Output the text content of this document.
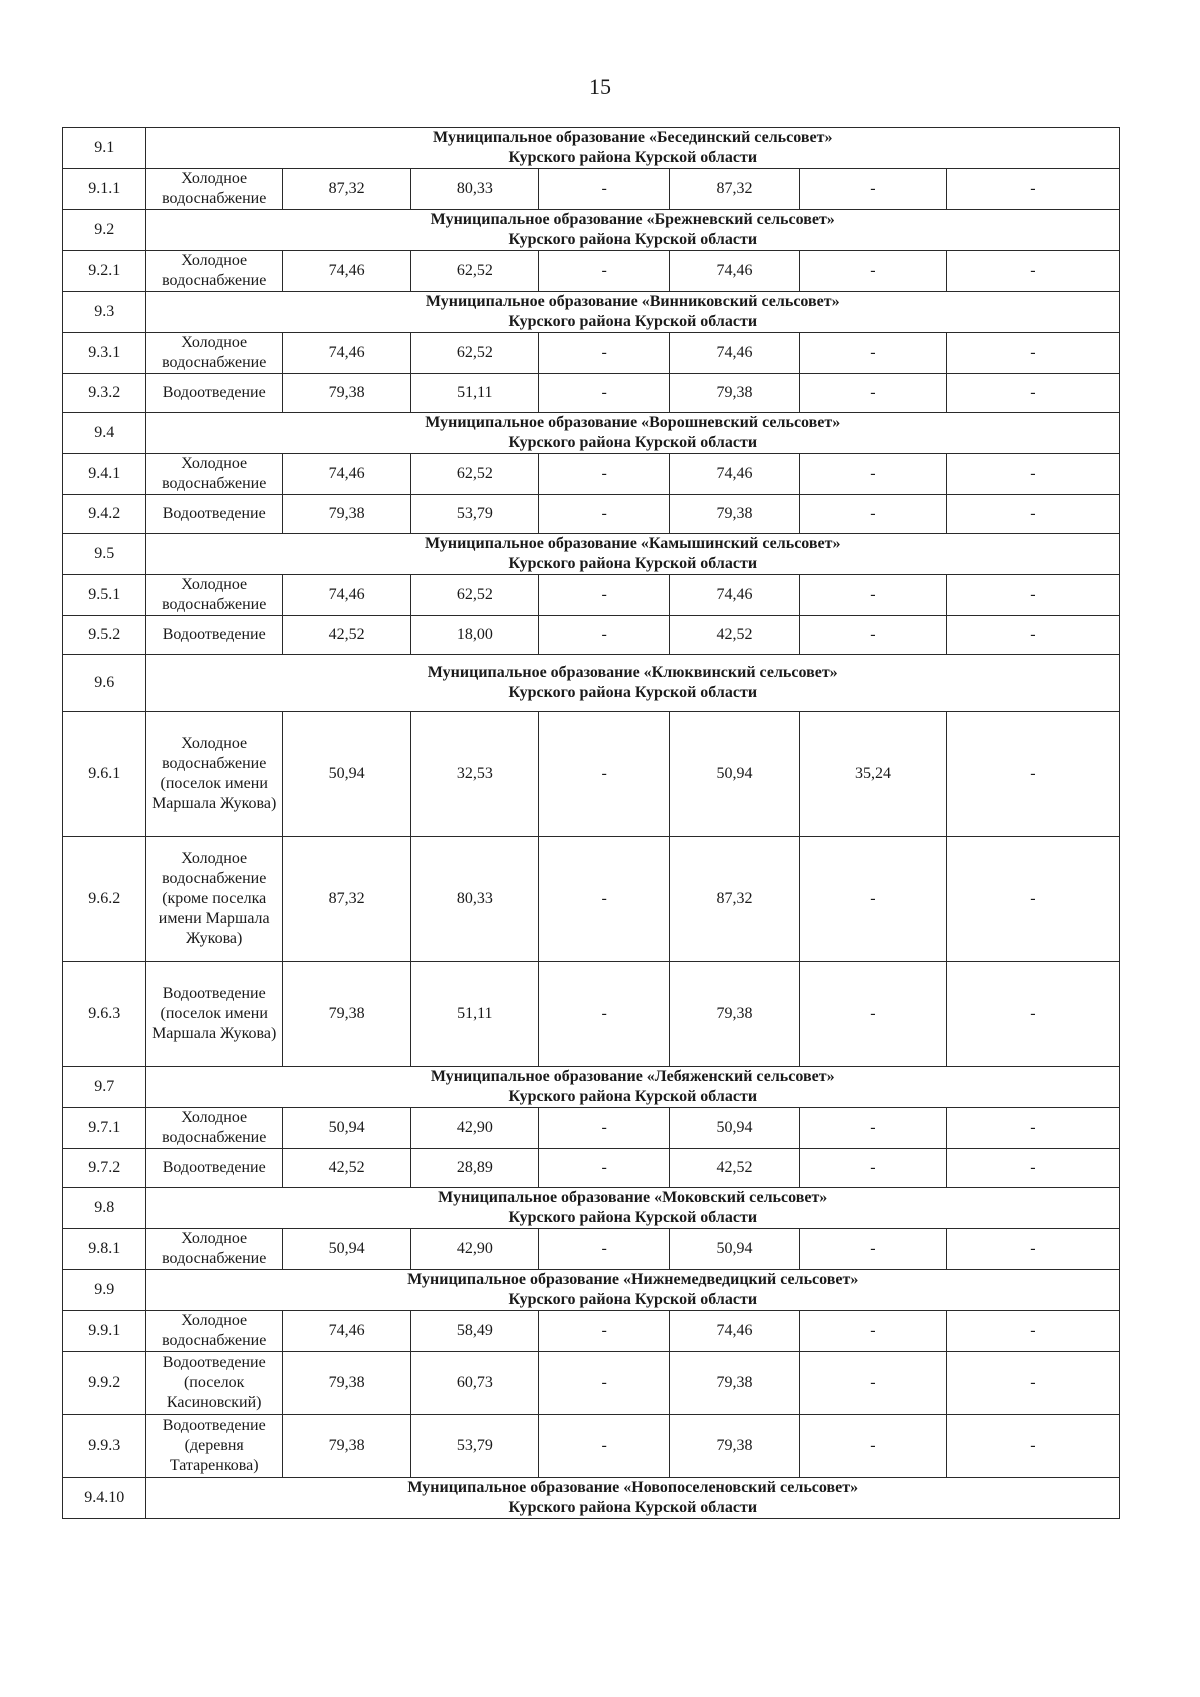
15
9.1	Муниципальное образование «Бесединский сельсовет»
Курского района Курской области						

9.1.1	Холодное водоснабжение	87,32	80,33	-	87,32	-	-
9.2	Муниципальное образование «Брежневский сельсовет»
Курского района Курской области						

9.2.1	Холодное водоснабжение	74,46	62,52	-	74,46	-	-
9.3	Муниципальное образование «Винниковский сельсовет»
Курского района Курской области						

9.3.1	Холодное водоснабжение	74,46	62,52	-	74,46	-	-
9.3.2	Водоотведение	79,38	51,11	-	79,38	-	-
9.4	Муниципальное образование «Ворошневский сельсовет»
Курского района Курской области						

9.4.1	Холодное водоснабжение	74,46	62,52	-	74,46	-	-
9.4.2	Водоотведение	79,38	53,79	-	79,38	-	-
9.5	Муниципальное образование «Камышинский сельсовет»
Курского района Курской области						

9.5.1	Холодное водоснабжение	74,46	62,52	-	74,46	-	-
9.5.2	Водоотведение	42,52	18,00	-	42,52	-	-
9.6	Муниципальное образование «Клюквинский сельсовет»
Курского района Курской области						

9.6.1	Холодное водоснабжение (поселок имени Маршала Жукова)	50,94	32,53	-	50,94	35,24	-
9.6.2	Холодное водоснабжение (кроме поселка имени Маршала Жукова)	87,32	80,33	-	87,32	-	-
9.6.3	Водоотведение (поселок имени Маршала Жукова)	79,38	51,11	-	79,38	-	-
9.7	Муниципальное образование «Лебяженский сельсовет»
Курского района Курской области						

9.7.1	Холодное водоснабжение	50,94	42,90	-	50,94	-	-
9.7.2	Водоотведение	42,52	28,89	-	42,52	-	-
9.8	Муниципальное образование «Моковский сельсовет»
Курского района Курской области						

9.8.1	Холодное водоснабжение	50,94	42,90	-	50,94	-	-
9.9	Муниципальное образование «Нижнемедведицкий сельсовет»
Курского района Курской области						

9.9.1	Холодное водоснабжение	74,46	58,49	-	74,46	-	-
9.9.2	Водоотведение (поселок Касиновский)	79,38	60,73	-	79,38	-	-
9.9.3	Водоотведение (деревня Татаренкова)	79,38	53,79	-	79,38	-	-
9.4.10	Муниципальное образование «Новопоселеновский сельсовет»
Курского района Курской области						
